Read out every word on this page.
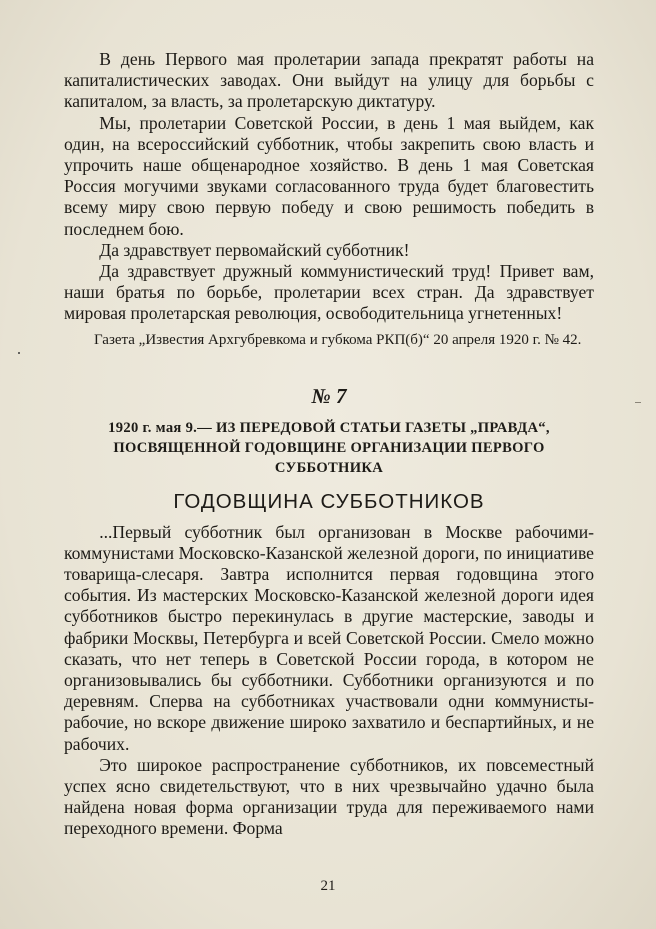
В день Первого мая пролетарии запада прекратят работы на капиталистических заводах. Они выйдут на улицу для борьбы с капиталом, за власть, за пролетарскую диктатуру.

Мы, пролетарии Советской России, в день 1 мая выйдем, как один, на всероссийский субботник, чтобы закрепить свою власть и упрочить наше общенародное хозяйство. В день 1 мая Советская Россия могучими звуками согласованного труда будет благовестить всему миру свою первую победу и свою решимость победить в последнем бою.

Да здравствует первомайский субботник!

Да здравствует дружный коммунистический труд! Привет вам, наши братья по борьбе, пролетарии всех стран. Да здравствует мировая пролетарская революция, освободительница угнетенных!

Газета „Известия Архгубревкома и губкома РКП(б)“ 20 апреля 1920 г. № 42.

№ 7
1920 г. мая 9.— ИЗ ПЕРЕДОВОЙ СТАТЬИ ГАЗЕТЫ „ПРАВДА“, ПОСВЯЩЕННОЙ ГОДОВЩИНЕ ОРГАНИЗАЦИИ ПЕРВОГО СУББОТНИКА
ГОДОВЩИНА СУББОТНИКОВ

...Первый субботник был организован в Москве рабочими-коммунистами Московско-Казанской железной дороги, по инициативе товарища-слесаря. Завтра исполнится первая годовщина этого события. Из мастерских Московско-Казанской железной дороги идея субботников быстро перекинулась в другие мастерские, заводы и фабрики Москвы, Петербурга и всей Советской России. Смело можно сказать, что нет теперь в Советской России города, в котором не организовывались бы субботники. Субботники организуются и по деревням. Сперва на субботниках участвовали одни коммунисты-рабочие, но вскоре движение широко захватило и беспартийных, и не рабочих.

Это широкое распространение субботников, их повсеместный успех ясно свидетельствуют, что в них чрезвычайно удачно была найдена новая форма организации труда для переживаемого нами переходного времени. Форма

21
